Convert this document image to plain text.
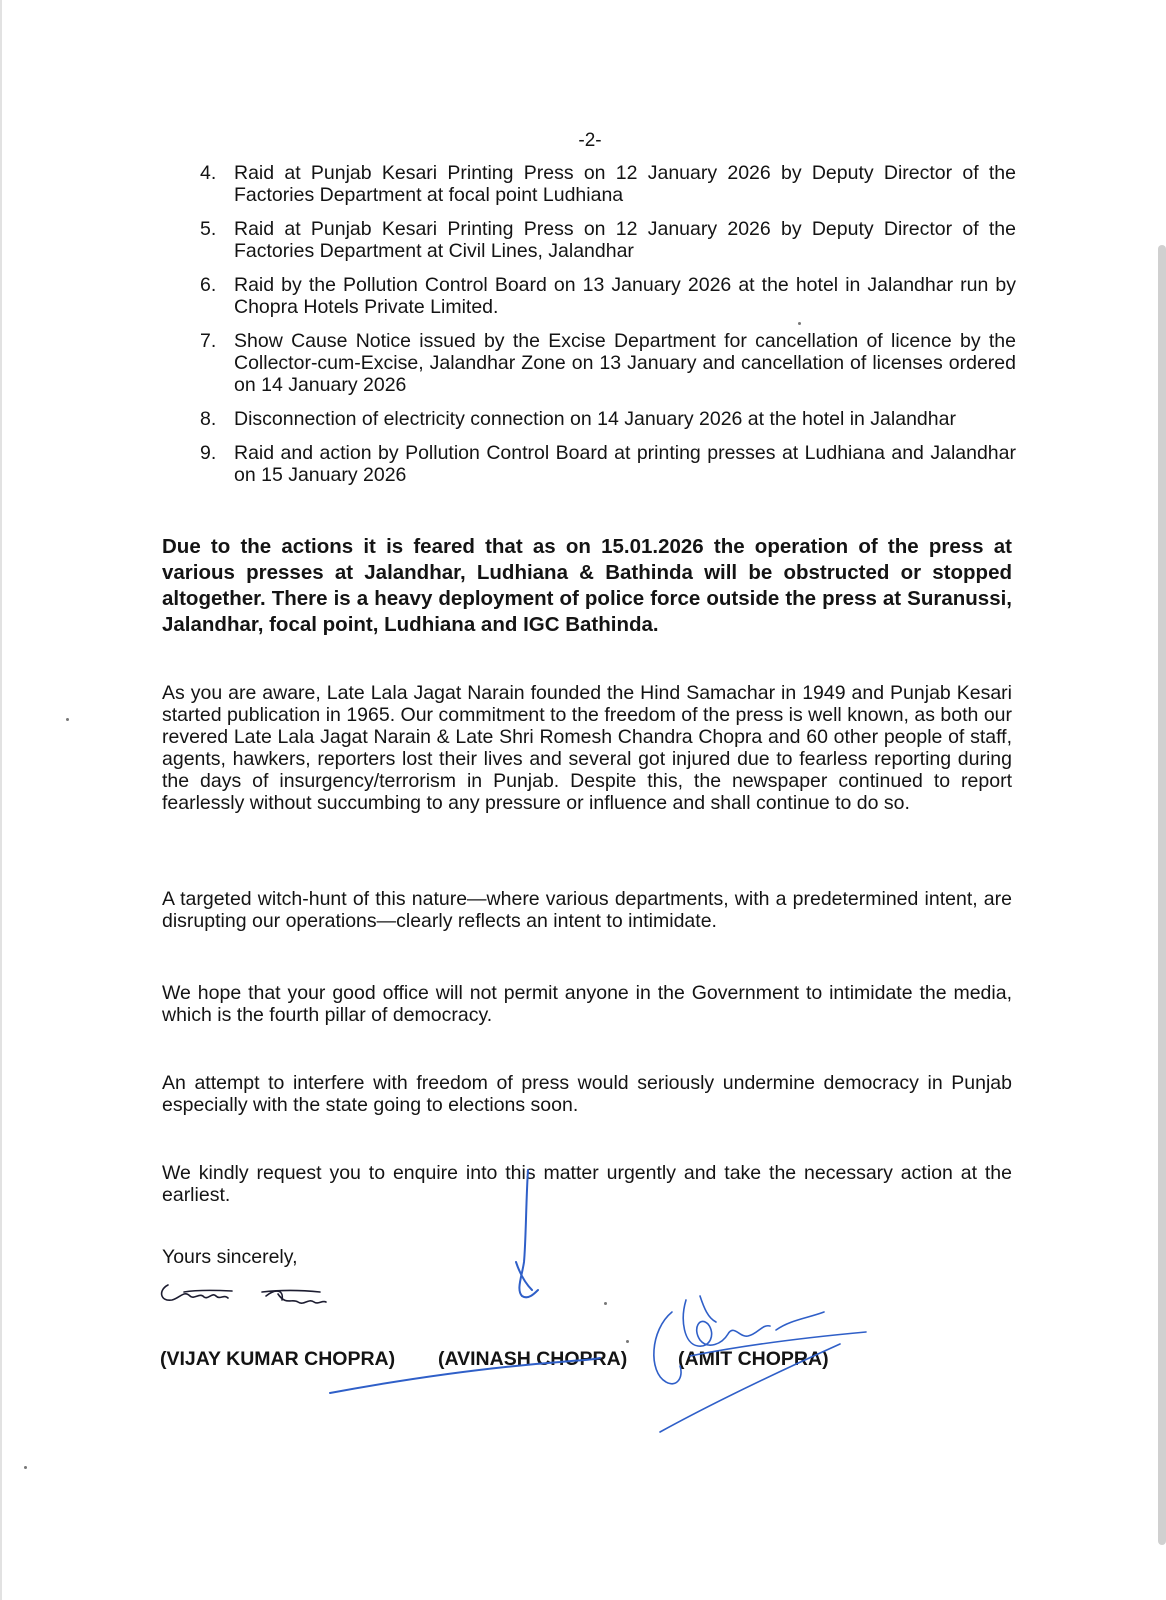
-2-
4. Raid at Punjab Kesari Printing Press on 12 January 2026 by Deputy Director of the Factories Department at focal point Ludhiana
5. Raid at Punjab Kesari Printing Press on 12 January 2026 by Deputy Director of the Factories Department at Civil Lines, Jalandhar
6. Raid by the Pollution Control Board on 13 January 2026 at the hotel in Jalandhar run by Chopra Hotels Private Limited.
7. Show Cause Notice issued by the Excise Department for cancellation of licence by the Collector-cum-Excise, Jalandhar Zone on 13 January and cancellation of licenses ordered on 14 January 2026
8. Disconnection of electricity connection on 14 January 2026 at the hotel in Jalandhar
9. Raid and action by Pollution Control Board at printing presses at Ludhiana and Jalandhar on 15 January 2026

Due to the actions it is feared that as on 15.01.2026 the operation of the press at various presses at Jalandhar, Ludhiana & Bathinda will be obstructed or stopped altogether. There is a heavy deployment of police force outside the press at Suranussi, Jalandhar, focal point, Ludhiana and IGC Bathinda.

As you are aware, Late Lala Jagat Narain founded the Hind Samachar in 1949 and Punjab Kesari started publication in 1965. Our commitment to the freedom of the press is well known, as both our revered Late Lala Jagat Narain & Late Shri Romesh Chandra Chopra and 60 other people of staff, agents, hawkers, reporters lost their lives and several got injured due to fearless reporting during the days of insurgency/terrorism in Punjab. Despite this, the newspaper continued to report fearlessly without succumbing to any pressure or influence and shall continue to do so.

A targeted witch-hunt of this nature—where various departments, with a predetermined intent, are disrupting our operations—clearly reflects an intent to intimidate.

We hope that your good office will not permit anyone in the Government to intimidate the media, which is the fourth pillar of democracy.

An attempt to interfere with freedom of press would seriously undermine democracy in Punjab especially with the state going to elections soon.

We kindly request you to enquire into this matter urgently and take the necessary action at the earliest.

Yours sincerely,

(VIJAY KUMAR CHOPRA) (AVINASH CHOPRA)	(AMIT CHOPRA)
